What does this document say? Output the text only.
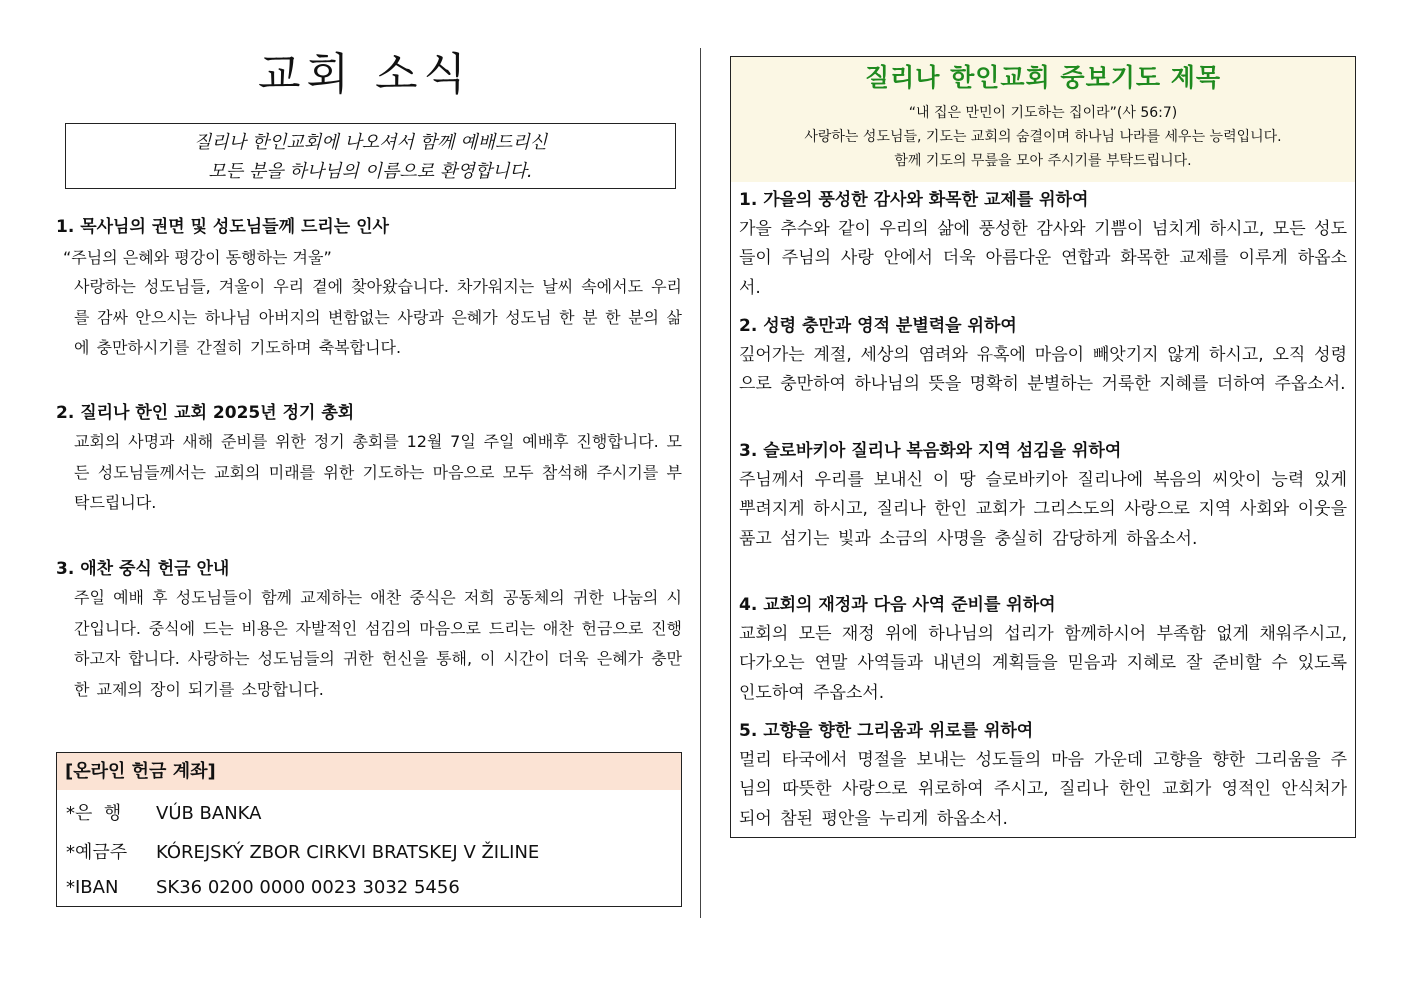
교회 소식
질리나 한인교회에 나오셔서 함께 예배드리신
모든 분을 하나님의 이름으로 환영합니다.
1. 목사님의 권면 및 성도님들께 드리는 인사
“주님의 은혜와 평강이 동행하는 겨울”
사랑하는 성도님들, 겨울이 우리 곁에 찾아왔습니다. 차가워지는 날씨 속에서도 우리를 감싸 안으시는 하나님 아버지의 변함없는 사랑과 은혜가 성도님 한 분 한 분의 삶에 충만하시기를 간절히 기도하며 축복합니다.
2. 질리나 한인 교회 2025년 정기 총회
교회의 사명과 새해 준비를 위한 정기 총회를 12월 7일 주일 예배후 진행합니다. 모든 성도님들께서는 교회의 미래를 위한 기도하는 마음으로 모두 참석해 주시기를 부탁드립니다.
3. 애찬 중식 헌금 안내
주일 예배 후 성도님들이 함께 교제하는 애찬 중식은 저희 공동체의 귀한 나눔의 시간입니다. 중식에 드는 비용은 자발적인 섬김의 마음으로 드리는 애찬 헌금으로 진행하고자 합니다. 사랑하는 성도님들의 귀한 헌신을 통해, 이 시간이 더욱 은혜가 충만한 교제의 장이 되기를 소망합니다.
[온라인 헌금 계좌]
*은  행 VÚB BANKA
*예금주 KÓREJSKÝ ZBOR CIRKVI BRATSKEJ V ŽILINE
*IBAN SK36 0200 0000 0023 3032 5456
질리나 한인교회 중보기도 제목
“내 집은 만민이 기도하는 집이라”(사 56:7)
사랑하는 성도님들, 기도는 교회의 숨결이며 하나님 나라를 세우는 능력입니다.
함께 기도의 무릎을 모아 주시기를 부탁드립니다.
1. 가을의 풍성한 감사와 화목한 교제를 위하여
가을 추수와 같이 우리의 삶에 풍성한 감사와 기쁨이 넘치게 하시고, 모든 성도들이 주님의 사랑 안에서 더욱 아름다운 연합과 화목한 교제를 이루게 하옵소서.
2. 성령 충만과 영적 분별력을 위하여
깊어가는 계절, 세상의 염려와 유혹에 마음이 빼앗기지 않게 하시고, 오직 성령으로 충만하여 하나님의 뜻을 명확히 분별하는 거룩한 지혜를 더하여 주옵소서.
3. 슬로바키아 질리나 복음화와 지역 섬김을 위하여
주님께서 우리를 보내신 이 땅 슬로바키아 질리나에 복음의 씨앗이 능력 있게 뿌려지게 하시고, 질리나 한인 교회가 그리스도의 사랑으로 지역 사회와 이웃을 품고 섬기는 빛과 소금의 사명을 충실히 감당하게 하옵소서.
4. 교회의 재정과 다음 사역 준비를 위하여
교회의 모든 재정 위에 하나님의 섭리가 함께하시어 부족함 없게 채워주시고, 다가오는 연말 사역들과 내년의 계획들을 믿음과 지혜로 잘 준비할 수 있도록 인도하여 주옵소서.
5. 고향을 향한 그리움과 위로를 위하여
멀리 타국에서 명절을 보내는 성도들의 마음 가운데 고향을 향한 그리움을 주님의 따뜻한 사랑으로 위로하여 주시고, 질리나 한인 교회가 영적인 안식처가 되어 참된 평안을 누리게 하옵소서.
